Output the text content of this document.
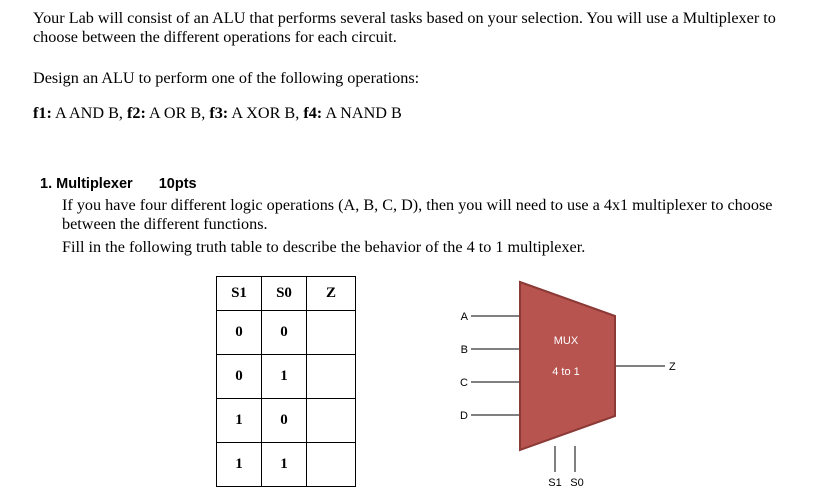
Your Lab will consist of an ALU that performs several tasks based on your selection. You will use a Multiplexer to choose between the different operations for each circuit.
Design an ALU to perform one of the following operations:
f1: A AND B, f2: A OR B, f3: A XOR B, f4: A NAND B
1. Multiplexer 10pts
If you have four different logic operations (A, B, C, D), then you will need to use a 4x1 multiplexer to choose between the different functions.
Fill in the following truth table to describe the behavior of the 4 to 1 multiplexer.
S1	S0	Z
0	0	
0	1	
1	0	
1	1	
A
B
C
D
MUX
4 to 1	Z
S1 S0
